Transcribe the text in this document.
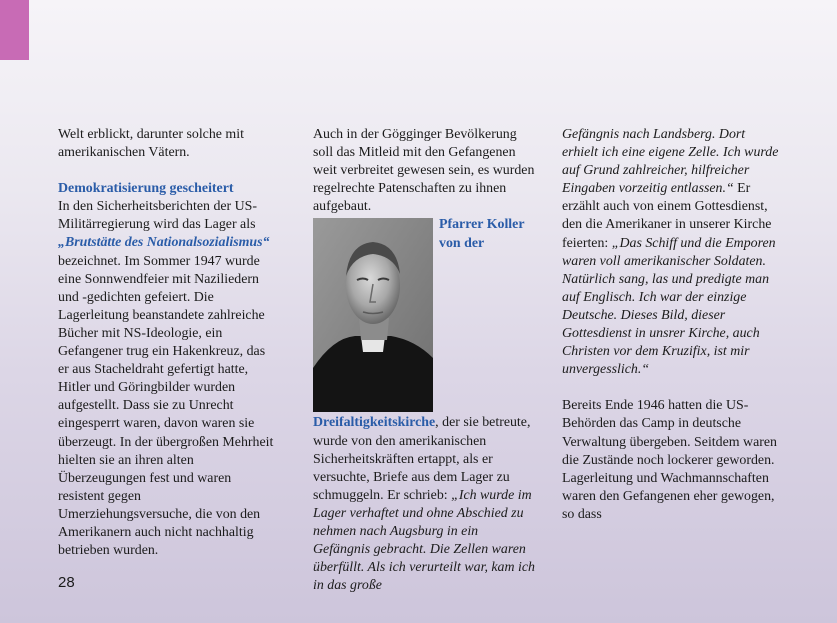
Welt erblickt, darunter solche mit amerikanischen Vätern.

Demokratisierung gescheitert

In den Sicherheitsberichten der US-Militärregierung wird das Lager als „Brutstätte des Nationalsozialismus“ bezeichnet. Im Sommer 1947 wurde eine Sonnwendfeier mit Naziliedern und -gedichten gefeiert. Die Lagerleitung beanstandete zahlreiche Bücher mit NS-Ideologie, ein Gefangener trug ein Hakenkreuz, das er aus Stacheldraht gefertigt hatte, Hitler und Göringbilder wurden aufgestellt. Dass sie zu Unrecht eingesperrt waren, davon waren sie überzeugt. In der übergroßen Mehrheit hielten sie an ihren alten Überzeugungen fest und waren resistent gegen Umerziehungsversuche, die von den Amerikanern auch nicht nachhaltig betrieben wurden.

Auch in der Gögginger Bevölkerung soll das Mitleid mit den Gefangenen weit verbreitet gewesen sein, es wurden regelrechte Patenschaften zu ihnen aufgebaut.

Pfarrer Koller von der Dreifaltigkeitskirche, der sie betreute, wurde von den amerikanischen Sicherheitskräften ertappt, als er versuchte, Briefe aus dem Lager zu schmuggeln. Er schrieb: „Ich wurde im Lager verhaftet und ohne Abschied zu nehmen nach Augsburg in ein Gefängnis gebracht. Die Zellen waren überfüllt. Als ich verurteilt war, kam ich in das große

Gefängnis nach Landsberg. Dort erhielt ich eine eigene Zelle. Ich wurde auf Grund zahlreicher, hilfreicher Eingaben vorzeitig entlassen.“ Er erzählt auch von einem Gottesdienst, den die Amerikaner in unserer Kirche feierten: „Das Schiff und die Emporen waren voll amerikanischer Soldaten. Natürlich sang, las und predigte man auf Englisch. Ich war der einzige Deutsche. Dieses Bild, dieser Gottesdienst in unsrer Kirche, auch Christen vor dem Kruzifix, ist mir unvergesslich.“

Bereits Ende 1946 hatten die US-Behörden das Camp in deutsche Verwaltung übergeben. Seitdem waren die Zustände noch lockerer geworden. Lagerleitung und Wachmannschaften waren den Gefangenen eher gewogen, so dass

28
